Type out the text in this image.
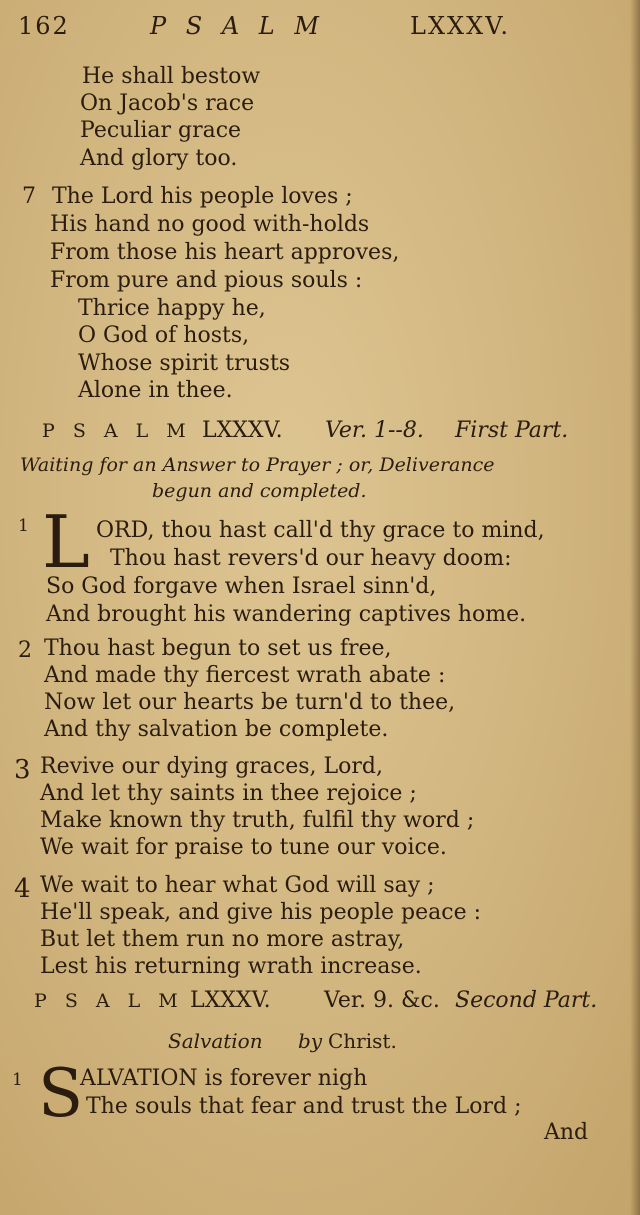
162	P S A L M	LXXXV.
He shall bestow
On Jacob's race
Peculiar grace
And glory too.
7 The Lord his people loves ;
His hand no good with-holds
From those his heart approves,
From pure and pious souls :
Thrice happy he,
O God of hosts,
Whose spirit trusts
Alone in thee.
P S A L M LXXXV. Ver. 1--8. First Part.
Waiting for an Answer to Prayer ; or, Deliverance
begun and completed.
1 L ORD, thou hast call'd thy grace to mind,
Thou hast revers'd our heavy doom:
So God forgave when Israel sinn'd,
And brought his wandering captives home.
2 Thou hast begun to set us free,
And made thy fiercest wrath abate :
Now let our hearts be turn'd to thee,
And thy salvation be complete.
3 Revive our dying graces, Lord,
And let thy saints in thee rejoice ;
Make known thy truth, fulfil thy word ;
We wait for praise to tune our voice.
4 We wait to hear what God will say ;
He'll speak, and give his people peace :
But let them run no more astray,
Lest his returning wrath increase.
P S A L M LXXXV. Ver. 9. &c. Second Part.
Salvation by Christ.
1 S
ALVATION is forever nigh
The souls that fear and trust the Lord ;
And
